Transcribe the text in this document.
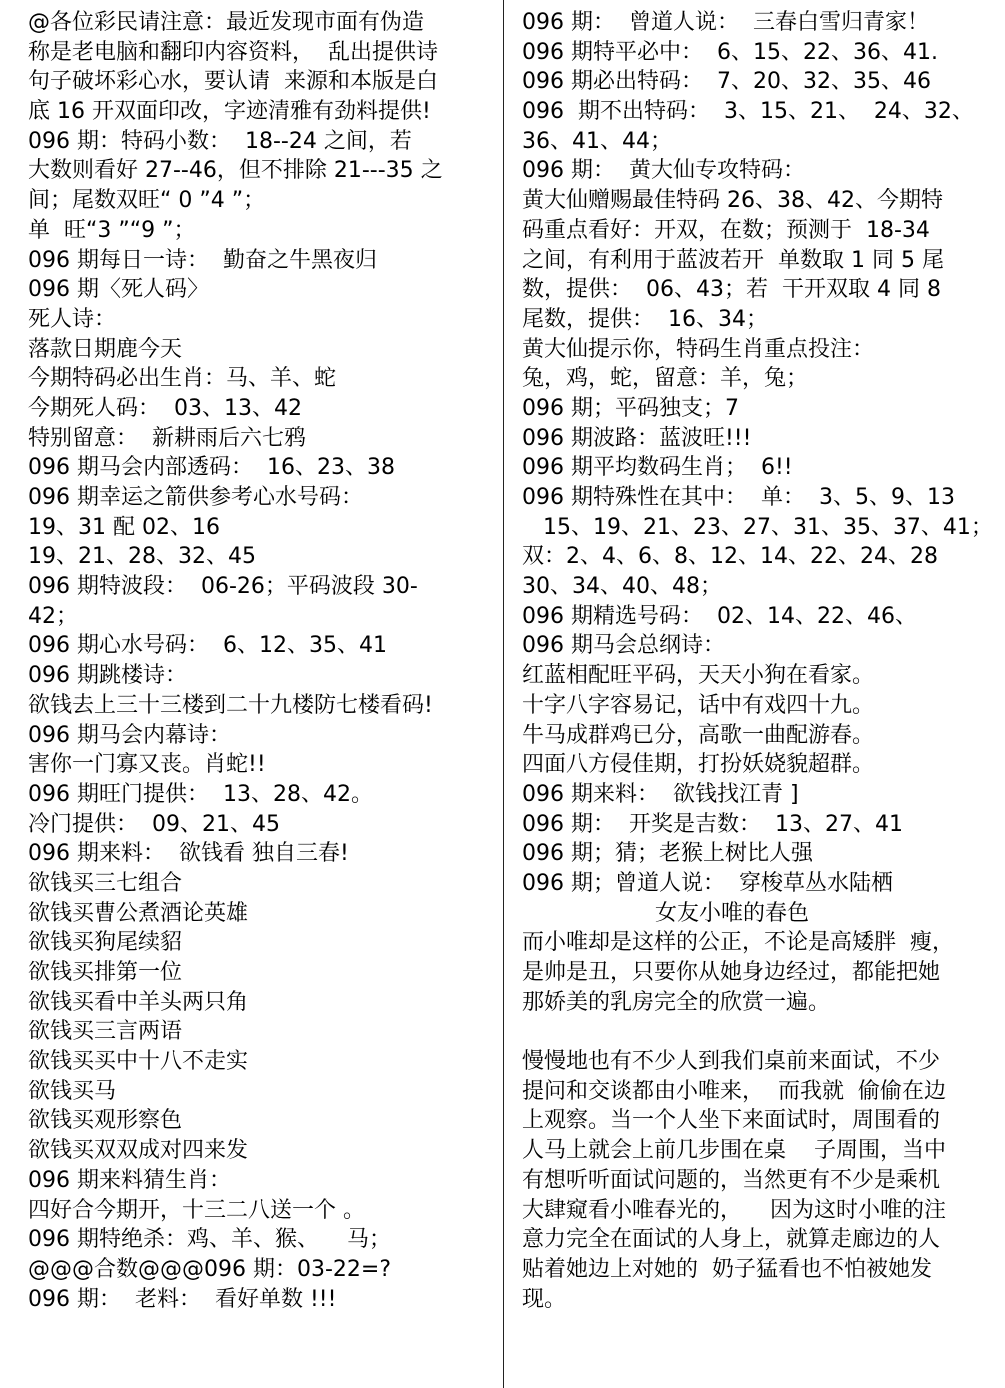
@各位彩民请注意：最近发现市面有伪造
称是老电脑和翻印内容资料，  乱出提供诗
句子破坏彩心水，要认请  来源和本版是白
底 16 开双面印改，字迹清雅有劲料提供!
096 期：特码小数：  18--24 之间，若
大数则看好 27--46，但不排除 21---35 之
间；尾数双旺“ 0 ”4 ”；
单  旺“3 ”“9 ”；
096 期每日一诗：  勤奋之牛黑夜归
096 期〈死人码〉
死人诗：
落款日期鹿今天
今期特码必出生肖：马、羊、蛇
今期死人码：  03、13、42
特别留意：  新耕雨后六七鸦
096 期马会内部透码：  16、23、38
096 期幸运之箭供参考心水号码：
19、31 配 02、16
19、21、28、32、45
096 期特波段：  06-26；平码波段 30-
42；
096 期心水号码：  6、12、35、41
096 期跳楼诗：
欲钱去上三十三楼到二十九楼防七楼看码!
096 期马会内幕诗：
害你一门寡又丧。肖蛇!!
096 期旺门提供：  13、28、42。
冷门提供：  09、21、45
096 期来料：  欲钱看 独自三春!
欲钱买三七组合
欲钱买曹公煮酒论英雄
欲钱买狗尾续貂
欲钱买排第一位
欲钱买看中羊头两只角
欲钱买三言两语
欲钱买买中十八不走实
欲钱买马
欲钱买观形察色
欲钱买双双成对四来发
096 期来料猜生肖：
四好合今期开，十三二八送一个 。
096 期特绝杀：鸡、羊、猴、    马；
@@@合数@@@096 期：03-22=?
096 期：  老料：  看好单数 !!!
096 期：  曾道人说：  三春白雪归青家！
096 期特平必中：  6、15、22、36、41.
096 期必出特码：  7、20、32、35、46
096  期不出特码：  3、15、21、  24、32、
36、41、44；
096 期：  黄大仙专攻特码：
黄大仙赠赐最佳特码 26、38、42、今期特
码重点看好：开双，在数；预测于  18-34
之间，有利用于蓝波若开  单数取 1 同 5 尾
数，提供：  06、43；若  干开双取 4 同 8
尾数，提供：  16、34；
黄大仙提示你，特码生肖重点投注：
兔，鸡，蛇，留意：羊，兔；
096 期；平码独支；7
096 期波路：蓝波旺!!!
096 期平均数码生肖；  6!!
096 期特殊性在其中：  单：  3、5、9、13
15、19、21、23、27、31、35、37、41；
双：2、4、6、8、12、14、22、24、28
30、34、40、48；
096 期精选号码：  02、14、22、46、
096 期马会总纲诗：
红蓝相配旺平码，天天小狗在看家。
十字八字容易记，话中有戏四十九。
牛马成群鸡已分，高歌一曲配游春。
四面八方侵佳期，打扮妖娆貌超群。
096 期来料：  欲钱找江青 ]
096 期：  开奖是吉数：  13、27、41
096 期；猜；老猴上树比人强
096 期；曾道人说：  穿梭草丛水陆栖
女友小唯的春色
而小唯却是这样的公正，不论是高矮胖  瘦，
是帅是丑，只要你从她身边经过，都能把她
那娇美的乳房完全的欣赏一遍。
慢慢地也有不少人到我们桌前来面试，不少
提问和交谈都由小唯来，  而我就  偷偷在边
上观察。当一个人坐下来面试时，周围看的
人马上就会上前几步围在桌    子周围，当中
有想听听面试问题的，当然更有不少是乘机
大肆窥看小唯春光的，    因为这时小唯的注
意力完全在面试的人身上，就算走廊边的人
贴着她边上对她的  奶子猛看也不怕被她发
现。
